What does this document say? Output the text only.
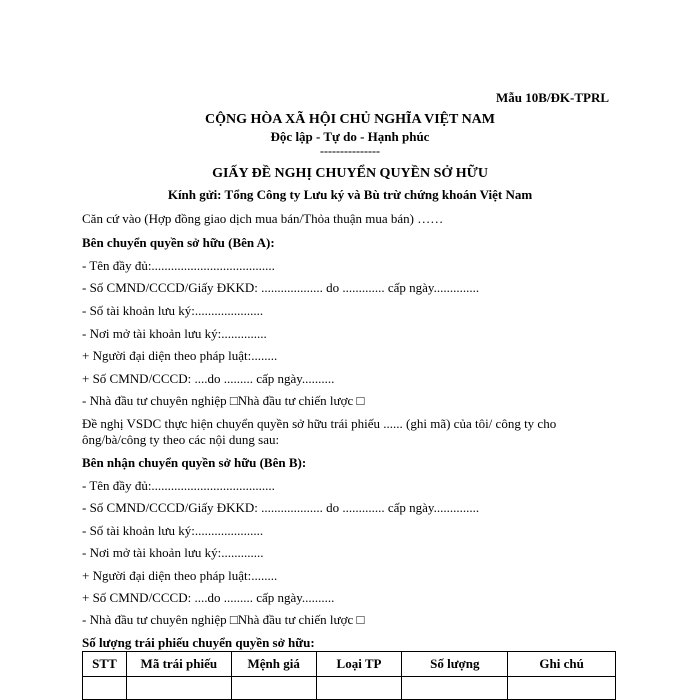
Mẫu 10B/ĐK-TPRL
CỘNG HÒA XÃ HỘI CHỦ NGHĨA VIỆT NAM
Độc lập - Tự do - Hạnh phúc
---------------
GIẤY ĐỀ NGHỊ CHUYỂN QUYỀN SỞ HỮU
Kính gửi: Tổng Công ty Lưu ký và Bù trừ chứng khoán Việt Nam
Căn cứ vào (Hợp đồng giao dịch mua bán/Thỏa thuận mua bán) ……
Bên chuyển quyền sở hữu (Bên A):
- Tên đầy đủ:......................................
- Số CMND/CCCD/Giấy ĐKKD: ................... do ............. cấp ngày..............
- Số tài khoản lưu ký:.....................
- Nơi mở tài khoản lưu ký:..............
+ Người đại diện theo pháp luật:........
+ Số CMND/CCCD: ....do ......... cấp ngày..........
- Nhà đầu tư chuyên nghiệp □Nhà đầu tư chiến lược □
Đề nghị VSDC thực hiện chuyển quyền sở hữu trái phiếu ...... (ghi mã) của tôi/ công ty cho
ông/bà/công ty theo các nội dung sau:
Bên nhận chuyển quyền sở hữu (Bên B):
- Tên đầy đủ:......................................
- Số CMND/CCCD/Giấy ĐKKD: ................... do ............. cấp ngày..............
- Số tài khoản lưu ký:.....................
- Nơi mở tài khoản lưu ký:.............
+ Người đại diện theo pháp luật:........
+ Số CMND/CCCD: ....do ......... cấp ngày..........
- Nhà đầu tư chuyên nghiệp □Nhà đầu tư chiến lược □
Số lượng trái phiếu chuyển quyền sở hữu:
STT	Mã trái phiếu	Mệnh giá	Loại TP	Số lượng	Ghi chú
